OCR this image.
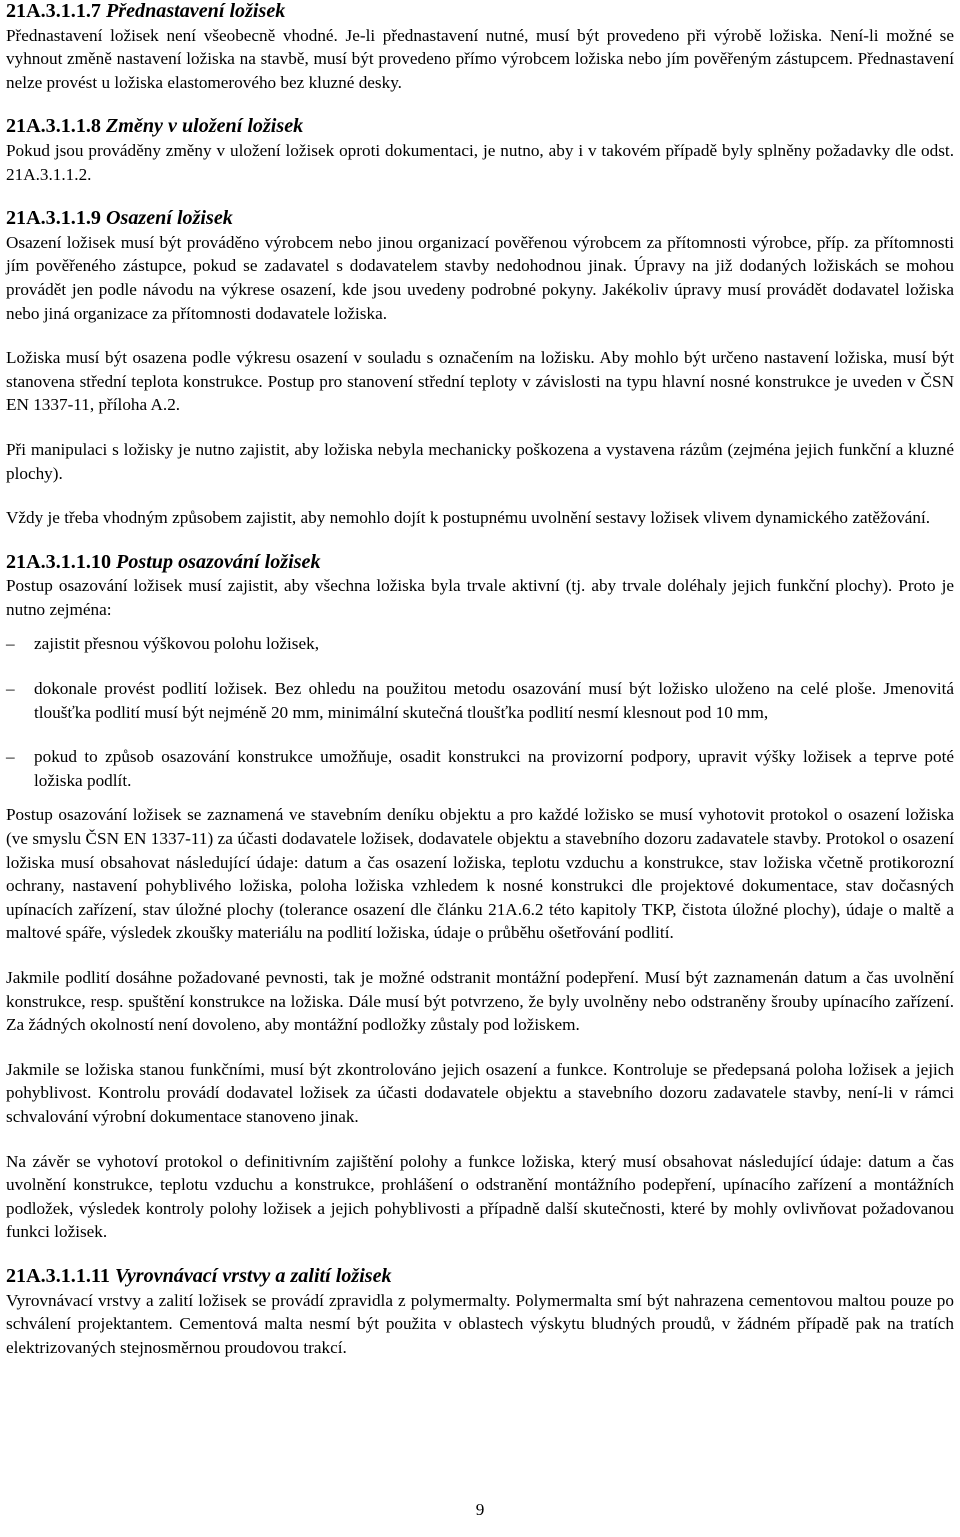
21A.3.1.1.7 Přednastavení ložisek

Přednastavení ložisek není všeobecně vhodné. Je-li přednastavení nutné, musí být provedeno při výrobě ložiska. Není-li možné se vyhnout změně nastavení ložiska na stavbě, musí být provedeno přímo výrobcem ložiska nebo jím pověřeným zástupcem. Přednastavení nelze provést u ložiska elastomerového bez kluzné desky.

21A.3.1.1.8 Změny v uložení ložisek

Pokud jsou prováděny změny v uložení ložisek oproti dokumentaci, je nutno, aby i v takovém případě byly splněny požadavky dle odst. 21A.3.1.1.2.

21A.3.1.1.9 Osazení ložisek

Osazení ložisek musí být prováděno výrobcem nebo jinou organizací pověřenou výrobcem za přítomnosti výrobce, příp. za přítomnosti jím pověřeného zástupce, pokud se zadavatel s dodavatelem stavby nedohodnou jinak. Úpravy na již dodaných ložiskách se mohou provádět jen podle návodu na výkrese osazení, kde jsou uvedeny podrobné pokyny. Jakékoliv úpravy musí provádět dodavatel ložiska nebo jiná organizace za přítomnosti dodavatele ložiska.

Ložiska musí být osazena podle výkresu osazení v souladu s označením na ložisku. Aby mohlo být určeno nastavení ložiska, musí být stanovena střední teplota konstrukce. Postup pro stanovení střední teploty v závislosti na typu hlavní nosné konstrukce je uveden v ČSN EN 1337-11, příloha A.2.

Při manipulaci s ložisky je nutno zajistit, aby ložiska nebyla mechanicky poškozena a vystavena rázům (zejména jejich funkční a kluzné plochy).

Vždy je třeba vhodným způsobem zajistit, aby nemohlo dojít k postupnému uvolnění sestavy ložisek vlivem dynamického zatěžování.

21A.3.1.1.10 Postup osazování ložisek

Postup osazování ložisek musí zajistit, aby všechna ložiska byla trvale aktivní (tj. aby trvale doléhaly jejich funkční plochy). Proto je nutno zejména:

– zajistit přesnou výškovou polohu ložisek,
– dokonale provést podlití ložisek. Bez ohledu na použitou metodu osazování musí být ložisko uloženo na celé ploše. Jmenovitá tloušťka podlití musí být nejméně 20 mm, minimální skutečná tloušťka podlití nesmí klesnout pod 10 mm,
– pokud to způsob osazování konstrukce umožňuje, osadit konstrukci na provizorní podpory, upravit výšky ložisek a teprve poté ložiska podlít.

Postup osazování ložisek se zaznamená ve stavebním deníku objektu a pro každé ložisko se musí vyhotovit protokol o osazení ložiska (ve smyslu ČSN EN 1337-11) za účasti dodavatele ložisek, dodavatele objektu a stavebního dozoru zadavatele stavby. Protokol o osazení ložiska musí obsahovat následující údaje: datum a čas osazení ložiska, teplotu vzduchu a konstrukce, stav ložiska včetně protikorozní ochrany, nastavení pohyblivého ložiska, poloha ložiska vzhledem k nosné konstrukci dle projektové dokumentace, stav dočasných upínacích zařízení, stav úložné plochy (tolerance osazení dle článku 21A.6.2 této kapitoly TKP, čistota úložné plochy), údaje o maltě a maltové spáře, výsledek zkoušky materiálu na podlití ložiska, údaje o průběhu ošetřování podlití.

Jakmile podlití dosáhne požadované pevnosti, tak je možné odstranit montážní podepření. Musí být zaznamenán datum a čas uvolnění konstrukce, resp. spuštění konstrukce na ložiska. Dále musí být potvrzeno, že byly uvolněny nebo odstraněny šrouby upínacího zařízení. Za žádných okolností není dovoleno, aby montážní podložky zůstaly pod ložiskem.

Jakmile se ložiska stanou funkčními, musí být zkontrolováno jejich osazení a funkce. Kontroluje se předepsaná poloha ložisek a jejich pohyblivost. Kontrolu provádí dodavatel ložisek za účasti dodavatele objektu a stavebního dozoru zadavatele stavby, není-li v rámci schvalování výrobní dokumentace stanoveno jinak.

Na závěr se vyhotoví protokol o definitivním zajištění polohy a funkce ložiska, který musí obsahovat následující údaje: datum a čas uvolnění konstrukce, teplotu vzduchu a konstrukce, prohlášení o odstranění montážního podepření, upínacího zařízení a montážních podložek, výsledek kontroly polohy ložisek a jejich pohyblivosti a případně další skutečnosti, které by mohly ovlivňovat požadovanou funkci ložisek.

21A.3.1.1.11 Vyrovnávací vrstvy a zalití ložisek

Vyrovnávací vrstvy a zalití ložisek se provádí zpravidla z polymermalty. Polymermalta smí být nahrazena cementovou maltou pouze po schválení projektantem. Cementová malta nesmí být použita v oblastech výskytu bludných proudů, v žádném případě pak na tratích elektrizovaných stejnosměrnou proudovou trakcí.

9
